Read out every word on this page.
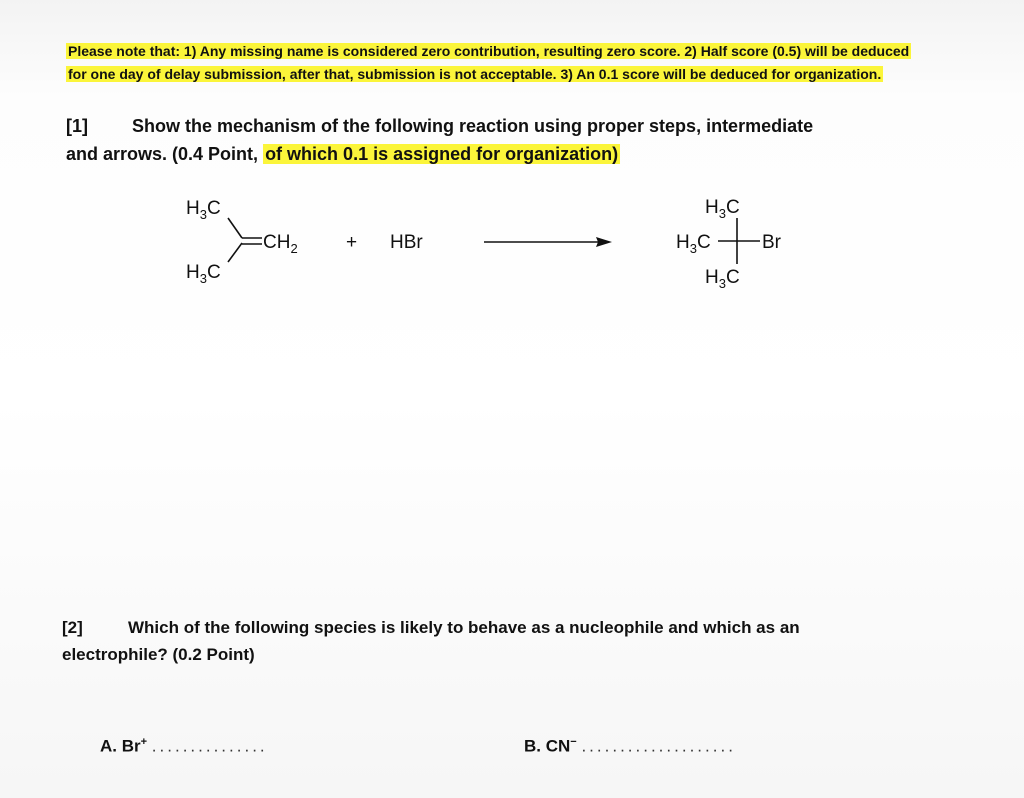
Please note that: 1) Any missing name is considered zero contribution, resulting zero score. 2) Half score (0.5) will be deduced
for one day of delay submission, after that, submission is not acceptable. 3) An 0.1 score will be deduced for organization.
[1] Show the mechanism of the following reaction using proper steps, intermediate
and arrows. (0.4 Point, of which 0.1 is assigned for organization)
$H_3C$
$H_3C$
$CH_2$	+ HBr
$H_3C$
$H_3C$
$H_3C$
Br
[2]	Which of the following species is likely to behave as a nucleophile and which as an
electrophile? (0.2 Point)
A. Br+ ...............	B. CN− ....................
